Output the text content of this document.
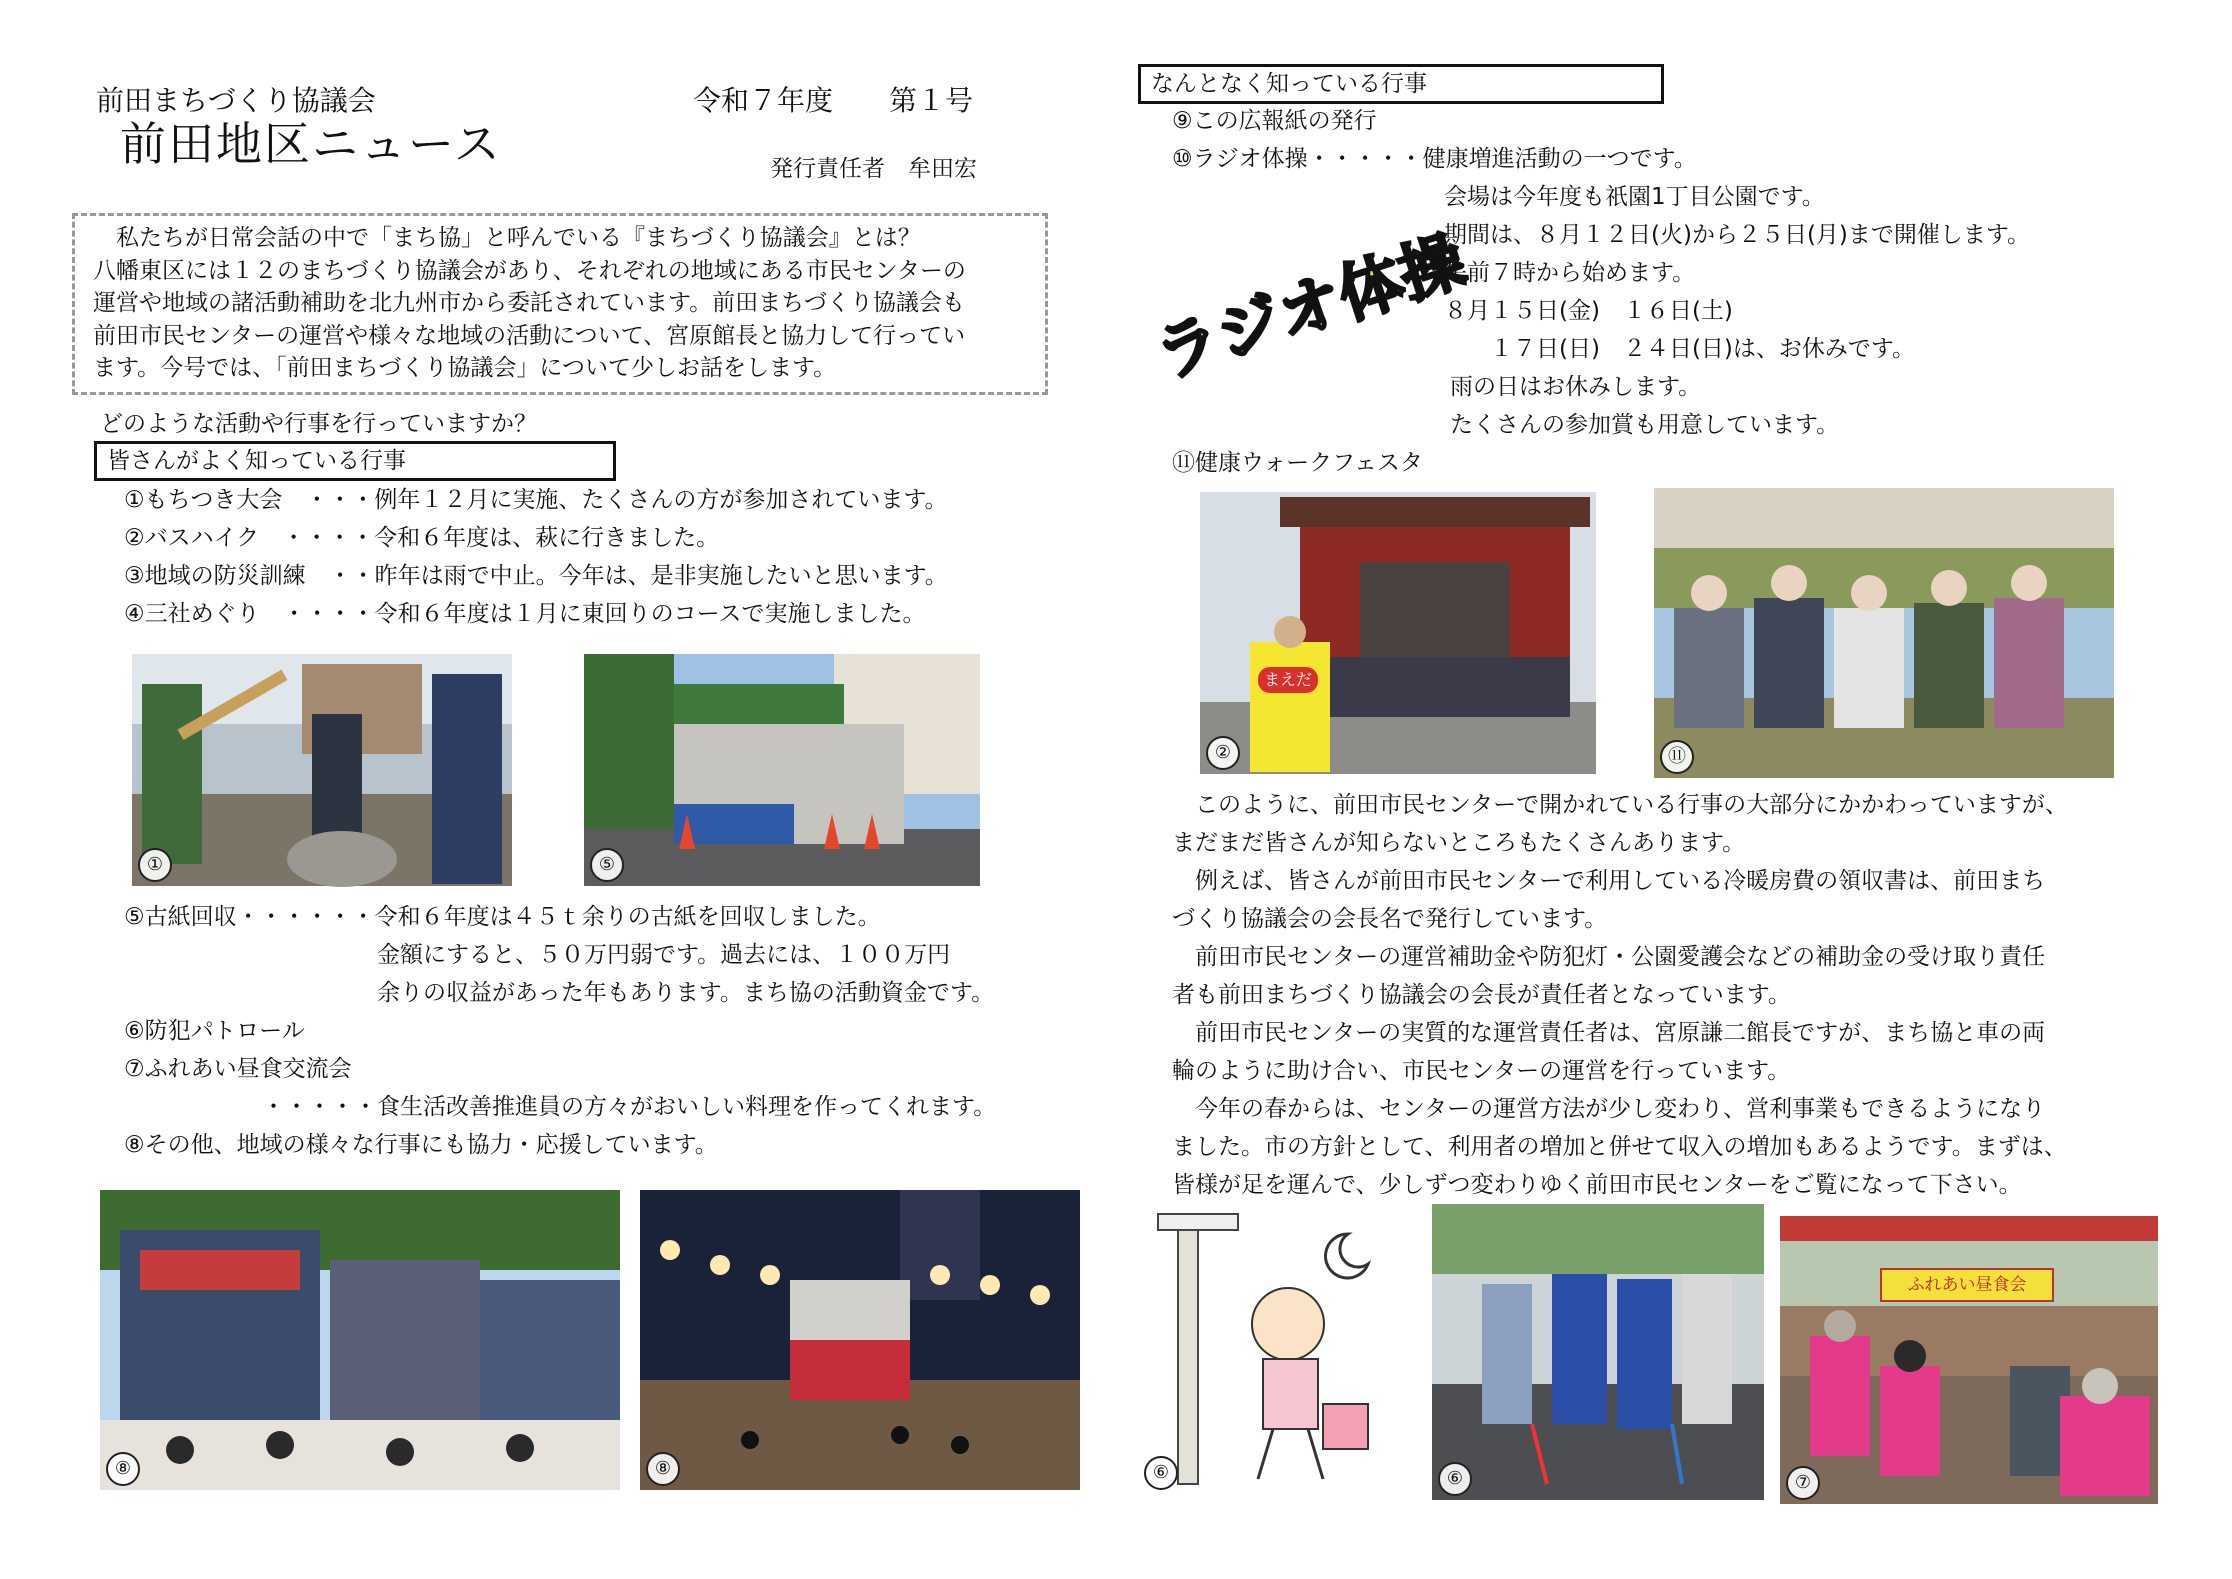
前田まちづくり協議会	令和７年度　　第１号
前田地区ニュース	発行責任者　牟田宏
　私たちが日常会話の中で「まち協」と呼んでいる『まちづくり協議会』とは？
八幡東区には１２のまちづくり協議会があり、それぞれの地域にある市民センターの
運営や地域の諸活動補助を北九州市から委託されています。前田まちづくり協議会も
前田市民センターの運営や様々な地域の活動について、宮原館長と協力して行ってい
ます。今号では、「前田まちづくり協議会」について少しお話をします。
どのような活動や行事を行っていますか？
皆さんがよく知っている行事
①もちつき大会　・・・例年１２月に実施、たくさんの方が参加されています。
②バスハイク　・・・・令和６年度は、萩に行きました。
③地域の防災訓練　・・昨年は雨で中止。今年は、是非実施したいと思います。
④三社めぐり　・・・・令和６年度は１月に東回りのコースで実施しました。
①	⑤
⑤古紙回収・・・・・・令和６年度は４５ｔ余りの古紙を回収しました。
　　　　　　　　　　　金額にすると、５０万円弱です。過去には、１００万円
　　　　　　　　　　　余りの収益があった年もあります。まち協の活動資金です。
⑥防犯パトロール
⑦ふれあい昼食交流会
　　　　　　・・・・・食生活改善推進員の方々がおいしい料理を作ってくれます。
⑧その他、地域の様々な行事にも協力・応援しています。
⑧	⑧
なんとなく知っている行事
⑨この広報紙の発行
⑩ラジオ体操・・・・・健康増進活動の一つです。
ラジオ体操
会場は今年度も祇園1丁目公園です。
期間は、８月１２日(火)から２５日(月)まで開催します。
午前７時から始めます。
８月１５日(金)　１６日(土)
　　１７日(日)　２４日(日)は、お休みです。
雨の日はお休みします。
たくさんの参加賞も用意しています。
⑪健康ウォークフェスタ
まえだ
②	⑪
　このように、前田市民センターで開かれている行事の大部分にかかわっていますが、
まだまだ皆さんが知らないところもたくさんあります。
　例えば、皆さんが前田市民センターで利用している冷暖房費の領収書は、前田まち
づくり協議会の会長名で発行しています。
　前田市民センターの運営補助金や防犯灯・公園愛護会などの補助金の受け取り責任
者も前田まちづくり協議会の会長が責任者となっています。
　前田市民センターの実質的な運営責任者は、宮原謙二館長ですが、まち協と車の両
輪のように助け合い、市民センターの運営を行っています。
　今年の春からは、センターの運営方法が少し変わり、営利事業もできるようになり
ました。市の方針として、利用者の増加と併せて収入の増加もあるようです。まずは、
皆様が足を運んで、少しずつ変わりゆく前田市民センターをご覧になって下さい。
⑥	⑥
ふれあい昼食会
⑦
